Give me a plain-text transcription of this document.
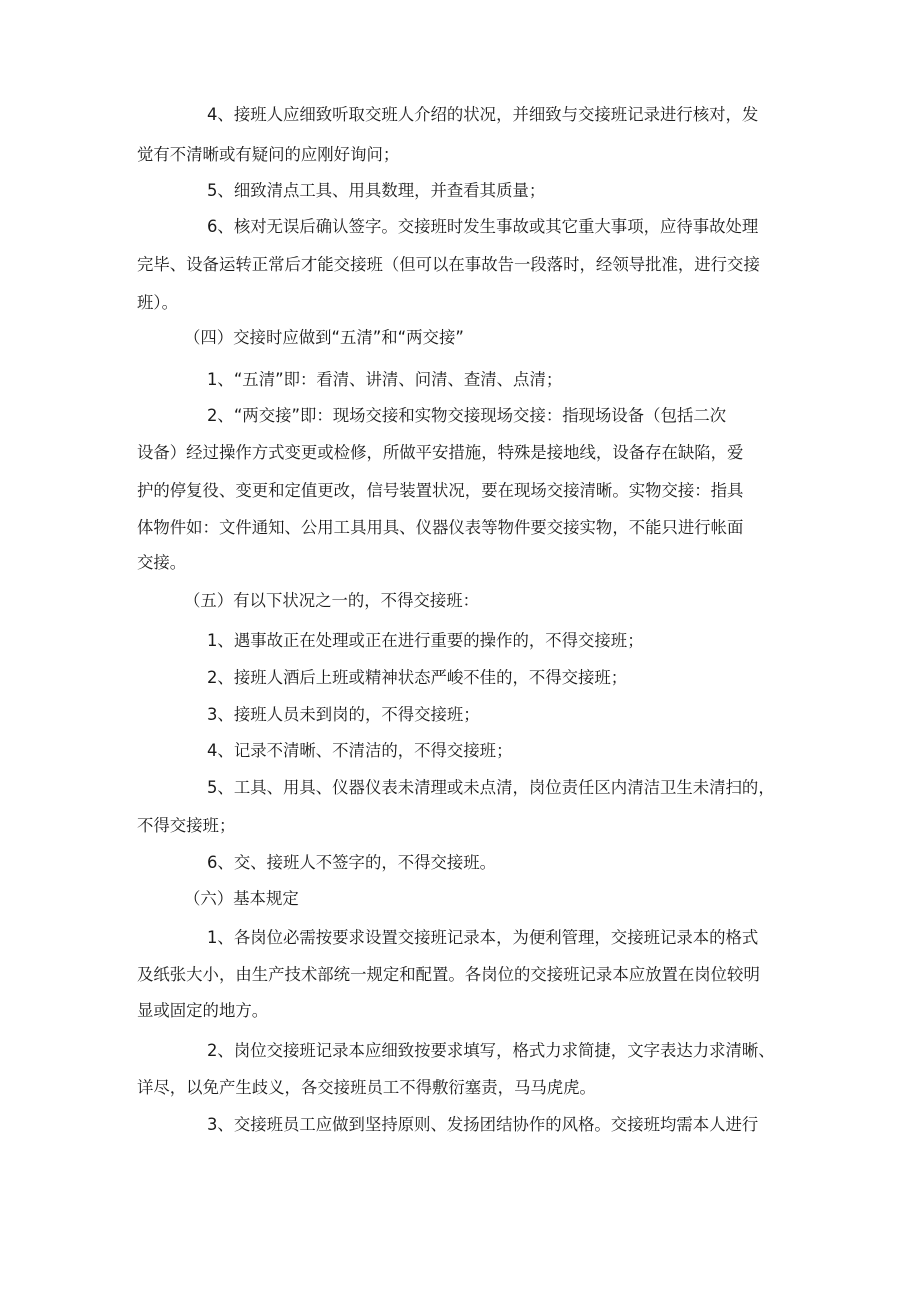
4、接班人应细致听取交班人介绍的状况，并细致与交接班记录进行核对，发
觉有不清晰或有疑问的应刚好询问；
5、细致清点工具、用具数理，并查看其质量；
6、核对无误后确认签字。交接班时发生事故或其它重大事项，应待事故处理
完毕、设备运转正常后才能交接班（但可以在事故告一段落时，经领导批准，进行交接
班）。
（四）交接时应做到“五清”和“两交接”
1、“五清”即：看清、讲清、问清、查清、点清；
2、“两交接”即：现场交接和实物交接现场交接：指现场设备（包括二次
设备）经过操作方式变更或检修，所做平安措施，特殊是接地线，设备存在缺陷，爱
护的停复役、变更和定值更改，信号装置状况，要在现场交接清晰。实物交接：指具
体物件如：文件通知、公用工具用具、仪器仪表等物件要交接实物，不能只进行帐面
交接。
（五）有以下状况之一的，不得交接班：
1、遇事故正在处理或正在进行重要的操作的，不得交接班；
2、接班人酒后上班或精神状态严峻不佳的，不得交接班；
3、接班人员未到岗的，不得交接班；
4、记录不清晰、不清洁的，不得交接班；
5、工具、用具、仪器仪表未清理或未点清，岗位责任区内清洁卫生未清扫的，
不得交接班；
6、交、接班人不签字的，不得交接班。
（六）基本规定
1、各岗位必需按要求设置交接班记录本，为便利管理，交接班记录本的格式
及纸张大小，由生产技术部统一规定和配置。各岗位的交接班记录本应放置在岗位较明
显或固定的地方。
2、岗位交接班记录本应细致按要求填写，格式力求简捷，文字表达力求清晰、
详尽，以免产生歧义，各交接班员工不得敷衍塞责，马马虎虎。
3、交接班员工应做到坚持原则、发扬团结协作的风格。交接班均需本人进行
